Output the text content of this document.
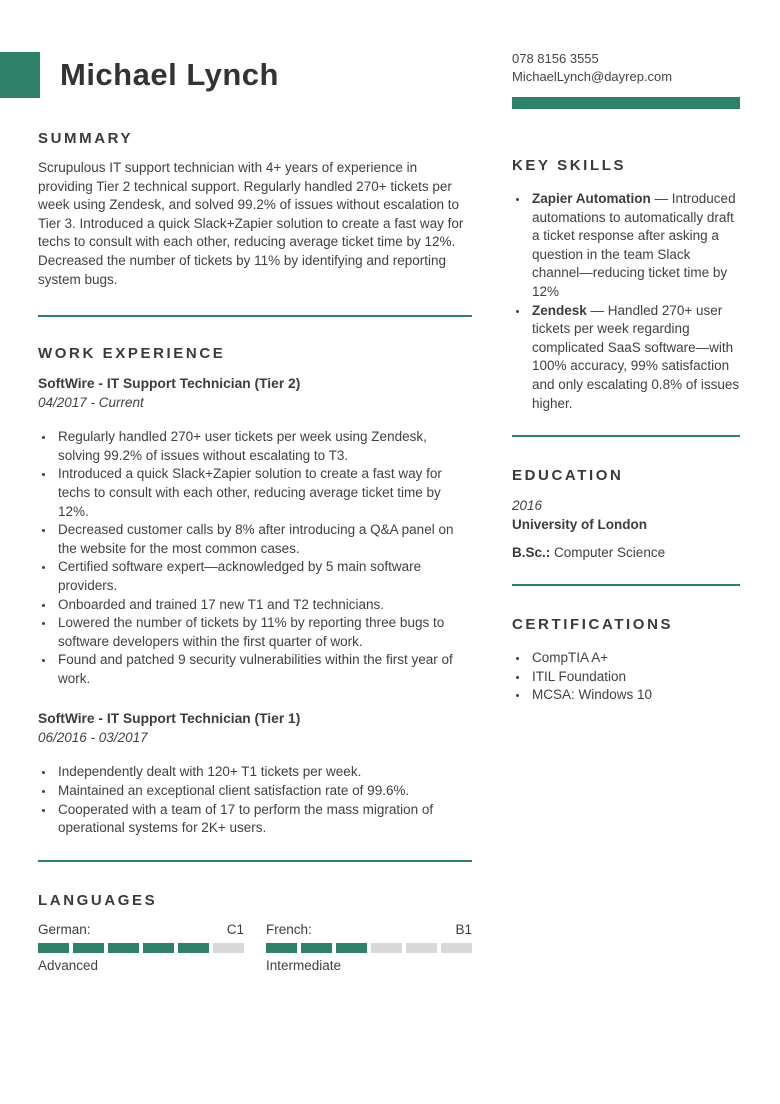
Michael Lynch	078 8156 3555
MichaelLynch@dayrep.com
SUMMARY

Scrupulous IT support technician with 4+ years of experience in providing Tier 2 technical support. Regularly handled 270+ tickets per week using Zendesk, and solved 99.2% of issues without escalation to Tier 3. Introduced a quick Slack+Zapier solution to create a fast way for techs to consult with each other, reducing average ticket time by 12%. Decreased the number of tickets by 11% by identifying and reporting system bugs.

WORK EXPERIENCE
SoftWire - IT Support Technician (Tier 2)
04/2017 - Current
• Regularly handled 270+ user tickets per week using Zendesk, solving 99.2% of issues without escalating to T3.
• Introduced a quick Slack+Zapier solution to create a fast way for techs to consult with each other, reducing average ticket time by 12%.
• Decreased customer calls by 8% after introducing a Q&A panel on the website for the most common cases.
• Certified software expert—acknowledged by 5 main software providers.
• Onboarded and trained 17 new T1 and T2 technicians.
• Lowered the number of tickets by 11% by reporting three bugs to software developers within the first quarter of work.
• Found and patched 9 security vulnerabilities within the first year of work.
SoftWire - IT Support Technician (Tier 1)
06/2016 - 03/2017
• Independently dealt with 120+ T1 tickets per week.
• Maintained an exceptional client satisfaction rate of 99.6%.
• Cooperated with a team of 17 to perform the mass migration of operational systems for 2K+ users.
LANGUAGES
German:	C1
Advanced
French:	B1
Intermediate
KEY SKILLS
• Zapier Automation — Introduced automations to automatically draft a ticket response after asking a question in the team Slack channel—reducing ticket time by 12%
• Zendesk — Handled 270+ user tickets per week regarding complicated SaaS software—with 100% accuracy, 99% satisfaction and only escalating 0.8% of issues higher.
EDUCATION
2016
University of London
B.Sc.: Computer Science
CERTIFICATIONS
• CompTIA A+
• ITIL Foundation
• MCSA: Windows 10
